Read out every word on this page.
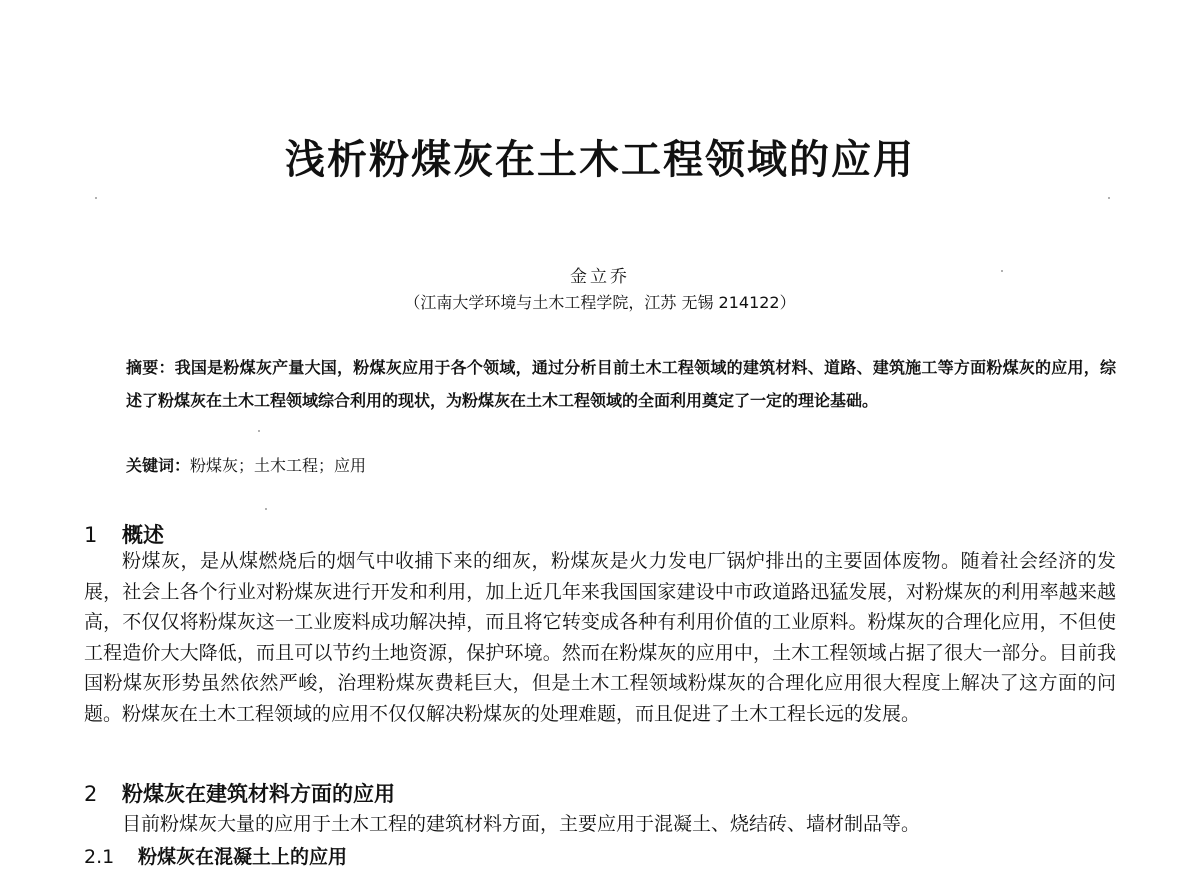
浅析粉煤灰在土木工程领域的应用
金立乔
（江南大学环境与土木工程学院，江苏 无锡 214122）
摘要：我国是粉煤灰产量大国，粉煤灰应用于各个领域，通过分析目前土木工程领域的建筑材料、道路、建筑施工等方面粉煤灰的应用，综述了粉煤灰在土木工程领域综合利用的现状，为粉煤灰在土木工程领域的全面利用奠定了一定的理论基础。
关键词：粉煤灰；土木工程；应用
1 概述
粉煤灰，是从煤燃烧后的烟气中收捕下来的细灰，粉煤灰是火力发电厂锅炉排出的主要固体废物。随着社会经济的发展，社会上各个行业对粉煤灰进行开发和利用，加上近几年来我国国家建设中市政道路迅猛发展，对粉煤灰的利用率越来越高，不仅仅将粉煤灰这一工业废料成功解决掉，而且将它转变成各种有利用价值的工业原料。粉煤灰的合理化应用，不但使工程造价大大降低，而且可以节约土地资源，保护环境。然而在粉煤灰的应用中，土木工程领域占据了很大一部分。目前我国粉煤灰形势虽然依然严峻，治理粉煤灰费耗巨大，但是土木工程领域粉煤灰的合理化应用很大程度上解决了这方面的问题。粉煤灰在土木工程领域的应用不仅仅解决粉煤灰的处理难题，而且促进了土木工程长远的发展。
2 粉煤灰在建筑材料方面的应用
目前粉煤灰大量的应用于土木工程的建筑材料方面，主要应用于混凝土、烧结砖、墙材制品等。
2.1 粉煤灰在混凝土上的应用
